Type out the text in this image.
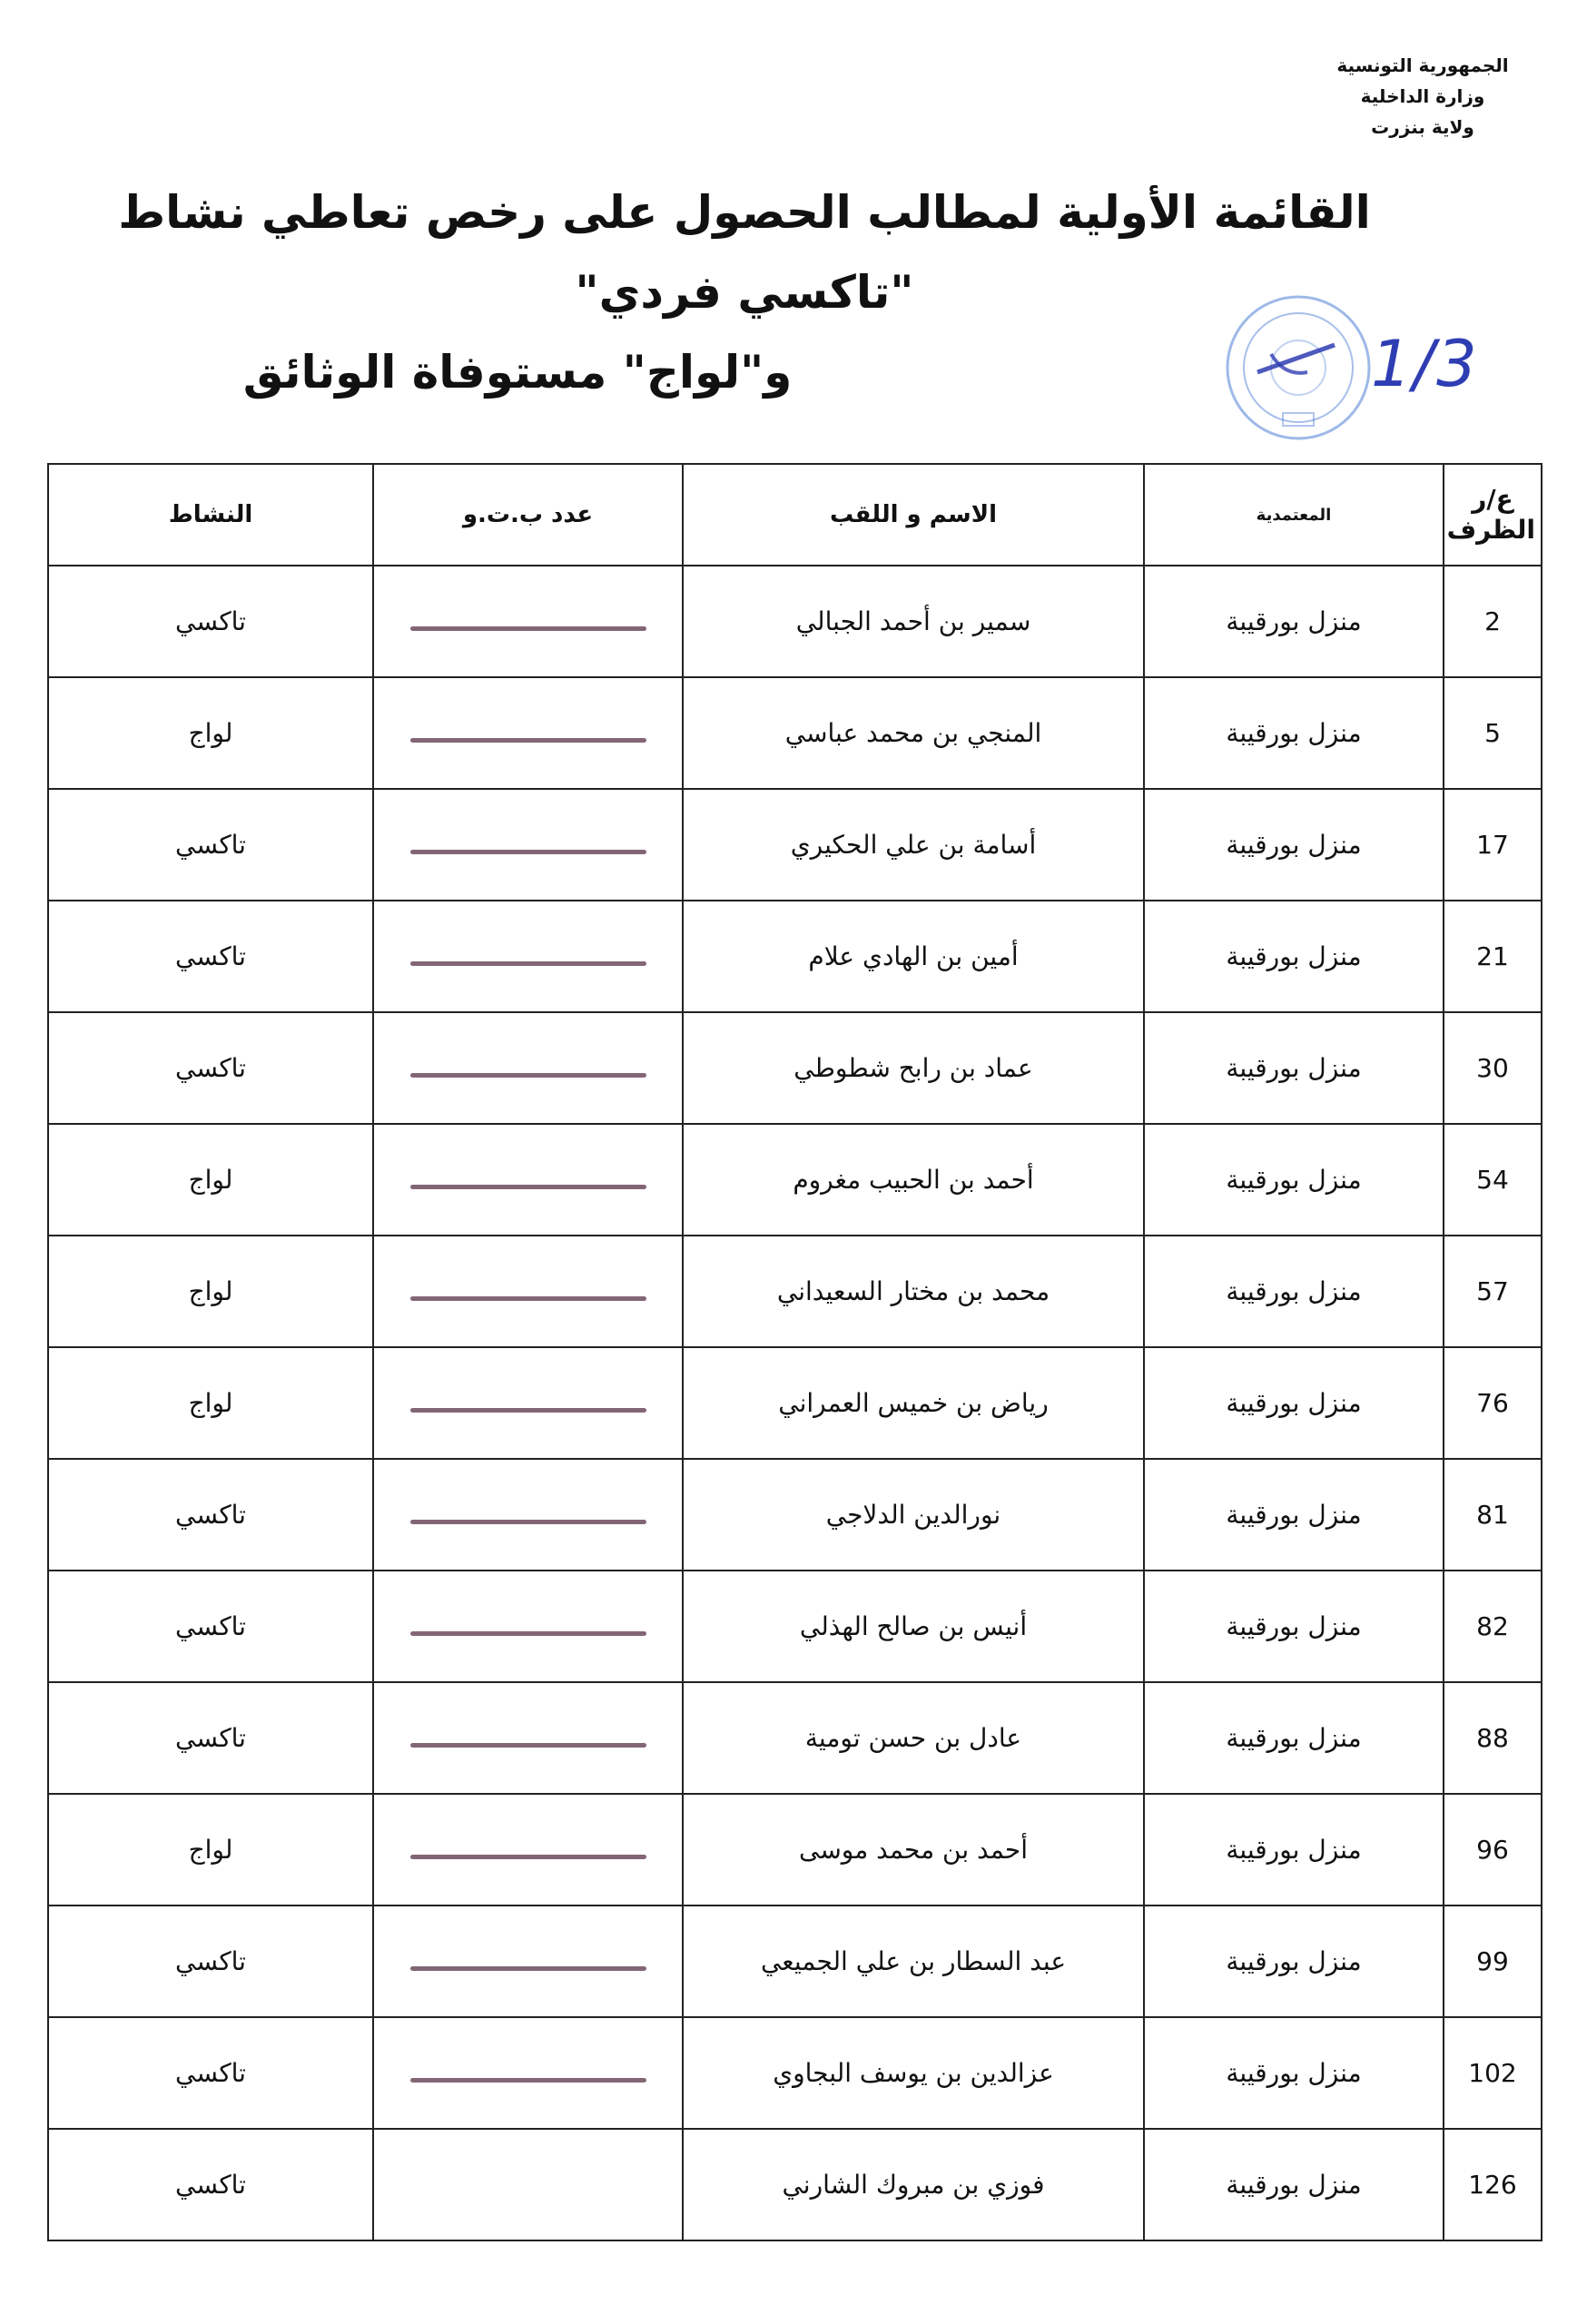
الجمهورية التونسية
وزارة الداخلية
ولاية بنزرت
القائمة الأولية لمطالب الحصول على رخص تعاطي نشاط "تاكسي فردي"
و"لواج" مستوفاة الوثائق	1/3
ع/ر الظرف	المعتمدية	الاسم و اللقب	عدد ب.ت.و	النشاط
2	منزل بورقيبة	سمير بن أحمد الجبالي		تاكسي
5	منزل بورقيبة	المنجي بن محمد عباسي		لواج
17	منزل بورقيبة	أسامة بن علي الحكيري		تاكسي
21	منزل بورقيبة	أمين بن الهادي علام		تاكسي
30	منزل بورقيبة	عماد بن رابح شطوطي		تاكسي
54	منزل بورقيبة	أحمد بن الحبيب مغروم		لواج
57	منزل بورقيبة	محمد بن مختار السعيداني		لواج
76	منزل بورقيبة	رياض بن خميس العمراني		لواج
81	منزل بورقيبة	نورالدين الدلاجي		تاكسي
82	منزل بورقيبة	أنيس بن صالح الهذلي		تاكسي
88	منزل بورقيبة	عادل بن حسن تومية		تاكسي
96	منزل بورقيبة	أحمد بن محمد موسى		لواج
99	منزل بورقيبة	عبد السطار بن علي الجميعي		تاكسي
102	منزل بورقيبة	عزالدين بن يوسف البجاوي		تاكسي
126	منزل بورقيبة	فوزي بن مبروك الشارني		تاكسي
